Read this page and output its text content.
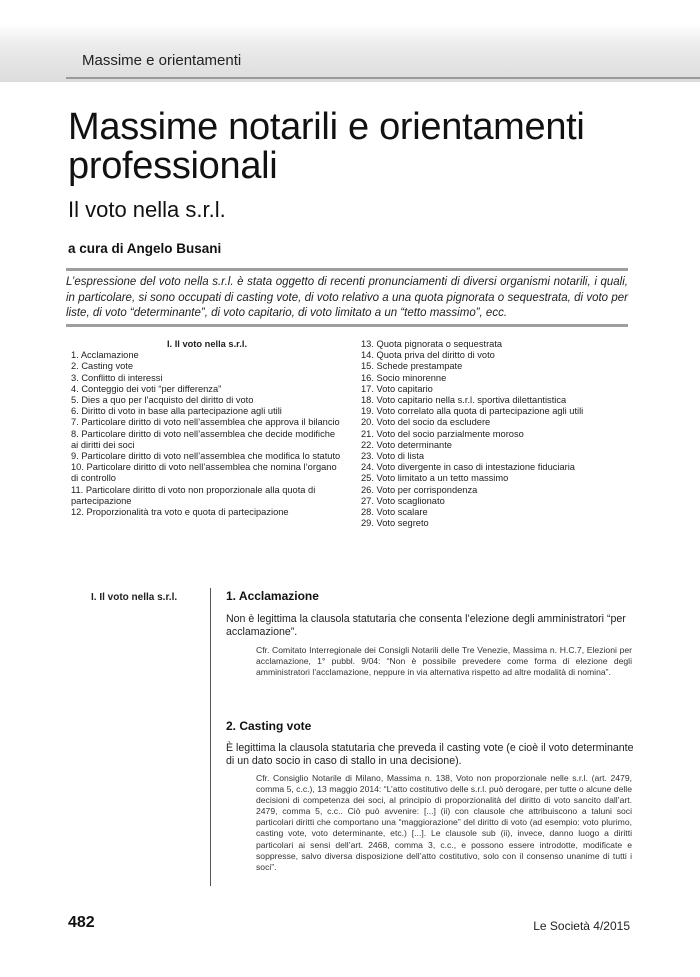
Massime e orientamenti
Massime notarili e orientamenti professionali
Il voto nella s.r.l.
a cura di Angelo Busani
L’espressione del voto nella s.r.l. è stata oggetto di recenti pronunciamenti di diversi organismi notarili, i quali, in particolare, si sono occupati di casting vote, di voto relativo a una quota pignorata o sequestrata, di voto per liste, di voto “determinante”, di voto capitario, di voto limitato a un “tetto massimo”, ecc.
I. Il voto nella s.r.l.
1. Acclamazione
2. Casting vote
3. Conflitto di interessi
4. Conteggio dei voti “per differenza”
5. Dies a quo per l’acquisto del diritto di voto
6. Diritto di voto in base alla partecipazione agli utili
7. Particolare diritto di voto nell’assemblea che approva il bilancio
8. Particolare diritto di voto nell’assemblea che decide modifiche ai diritti dei soci
9. Particolare diritto di voto nell’assemblea che modifica lo statuto
10. Particolare diritto di voto nell’assemblea che nomina l’organo di controllo
11. Particolare diritto di voto non proporzionale alla quota di partecipazione
12. Proporzionalità tra voto e quota di partecipazione
13. Quota pignorata o sequestrata
14. Quota priva del diritto di voto
15. Schede prestampate
16. Socio minorenne
17. Voto capitario
18. Voto capitario nella s.r.l. sportiva dilettantistica
19. Voto correlato alla quota di partecipazione agli utili
20. Voto del socio da escludere
21. Voto del socio parzialmente moroso
22. Voto determinante
23. Voto di lista
24. Voto divergente in caso di intestazione fiduciaria
25. Voto limitato a un tetto massimo
26. Voto per corrispondenza
27. Voto scaglionato
28. Voto scalare
29. Voto segreto
I. Il voto nella s.r.l.	1. Acclamazione
Non è legittima la clausola statutaria che consenta l’elezione degli amministratori “per acclamazione”.
Cfr. Comitato Interregionale dei Consigli Notarili delle Tre Venezie, Massima n. H.C.7, Elezioni per acclamazione, 1° pubbl. 9/04: “Non è possibile prevedere come forma di elezione degli amministratori l’acclamazione, neppure in via alternativa rispetto ad altre modalità di nomina”.
2. Casting vote
È legittima la clausola statutaria che preveda il casting vote (e cioè il voto determinante di un dato socio in caso di stallo in una decisione).
Cfr. Consiglio Notarile di Milano, Massima n. 138, Voto non proporzionale nelle s.r.l. (art. 2479, comma 5, c.c.), 13 maggio 2014: “L’atto costitutivo delle s.r.l. può derogare, per tutte o alcune delle decisioni di competenza dei soci, al principio di proporzionalità del diritto di voto sancito dall’art. 2479, comma 5, c.c.. Ciò può avvenire: [...] (ii) con clausole che attribuiscono a taluni soci particolari diritti che comportano una “maggiorazione” del diritto di voto (ad esempio: voto plurimo, casting vote, voto determinante, etc.) [...]. Le clausole sub (ii), invece, danno luogo a diritti particolari ai sensi dell’art. 2468, comma 3, c.c., e possono essere introdotte, modificate e soppresse, salvo diversa disposizione dell’atto costitutivo, solo con il consenso unanime di tutti i soci”.
482	Le Società 4/2015
